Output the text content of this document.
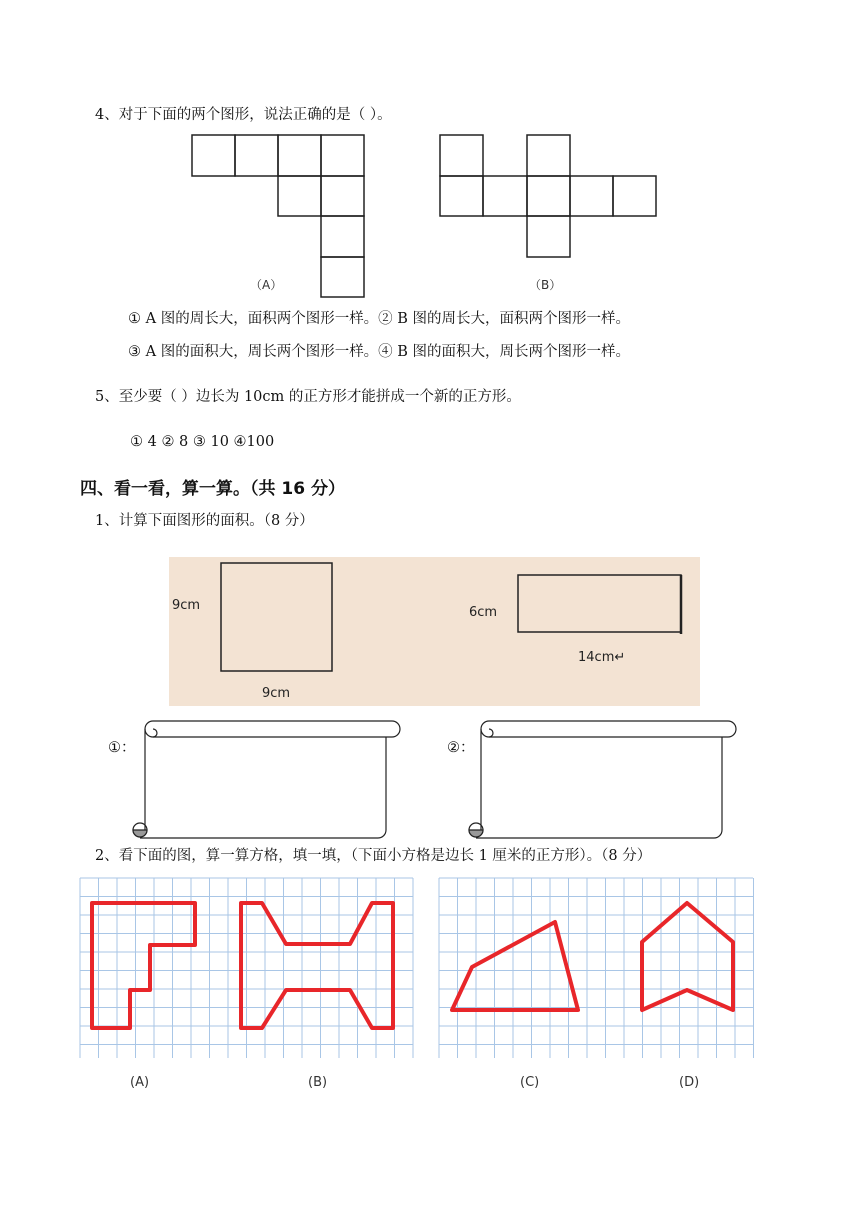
4、对于下面的两个图形，说法正确的是（ ）。
（A）	（B）
① A 图的周长大，面积两个图形一样。② B 图的周长大，面积两个图形一样。
③ A 图的面积大，周长两个图形一样。④ B 图的面积大，周长两个图形一样。
5、至少要（ ）边长为 10cm 的正方形才能拼成一个新的正方形。
① 4 ② 8 ③ 10 ④100
四、看一看，算一算。（共 16 分）
1、计算下面图形的面积。（8 分）
9cm
9cm
6cm
14cm↵
①：	②：
2、看下面的图，算一算方格，填一填，（下面小方格是边长 1 厘米的正方形）。（8 分）
(A)	(B)	(C)	(D)
